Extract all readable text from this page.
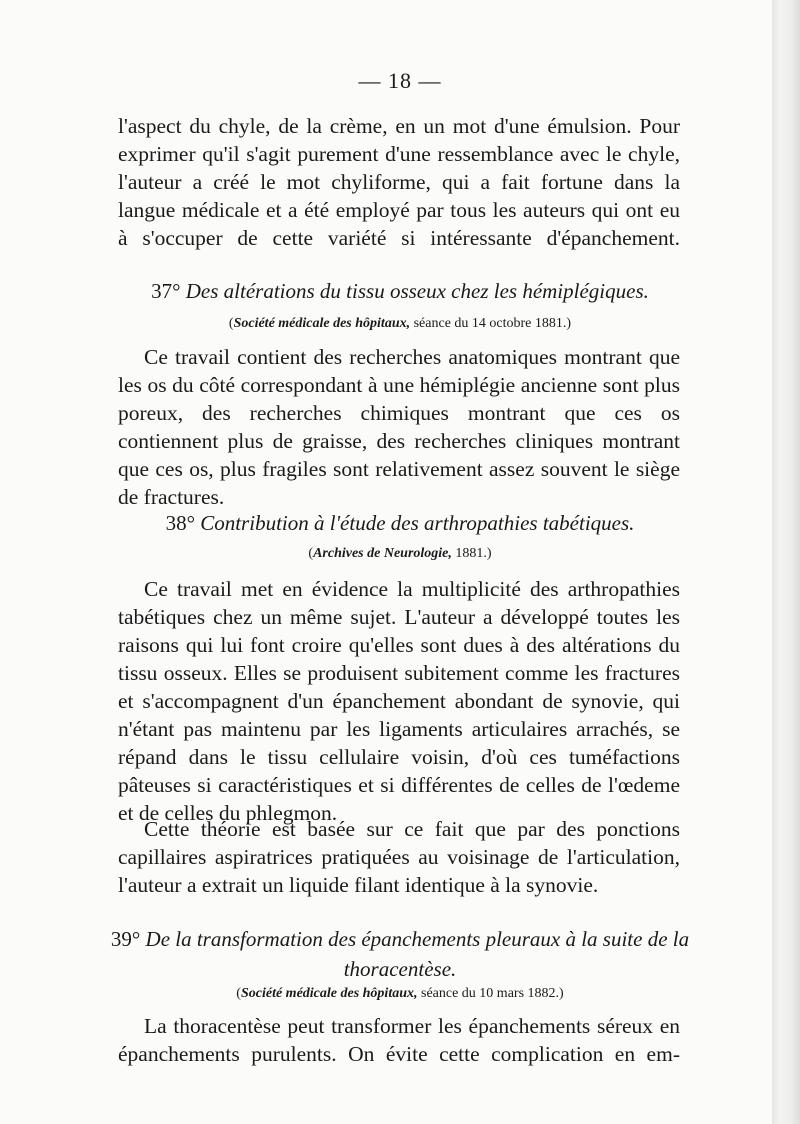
— 18 —
l'aspect du chyle, de la crème, en un mot d'une émulsion. Pour exprimer qu'il s'agit purement d'une ressemblance avec le chyle, l'auteur a créé le mot chyliforme, qui a fait fortune dans la langue médicale et a été employé par tous les auteurs qui ont eu à s'occuper de cette variété si intéressante d'épanchement.
37° Des altérations du tissu osseux chez les hémiplégiques.
(Société médicale des hôpitaux, séance du 14 octobre 1881.)
Ce travail contient des recherches anatomiques montrant que les os du côté correspondant à une hémiplégie ancienne sont plus poreux, des recherches chimiques montrant que ces os contiennent plus de graisse, des recherches cliniques montrant que ces os, plus fragiles sont relativement assez souvent le siège de fractures.
38° Contribution à l'étude des arthropathies tabétiques.
(Archives de Neurologie, 1881.)
Ce travail met en évidence la multiplicité des arthropathies tabétiques chez un même sujet. L'auteur a développé toutes les raisons qui lui font croire qu'elles sont dues à des altérations du tissu osseux. Elles se produisent subitement comme les fractures et s'accompagnent d'un épanchement abondant de synovie, qui n'étant pas maintenu par les ligaments articulaires arrachés, se répand dans le tissu cellulaire voisin, d'où ces tuméfactions pâteuses si caractéristiques et si différentes de celles de l'œdeme et de celles du phlegmon.
Cette théorie est basée sur ce fait que par des ponctions capillaires aspiratrices pratiquées au voisinage de l'articulation, l'auteur a extrait un liquide filant identique à la synovie.
39° De la transformation des épanchements pleuraux à la suite de la thoracentèse.
(Société médicale des hôpitaux, séance du 10 mars 1882.)
La thoracentèse peut transformer les épanchements séreux en épanchements purulents. On évite cette complication en em-
